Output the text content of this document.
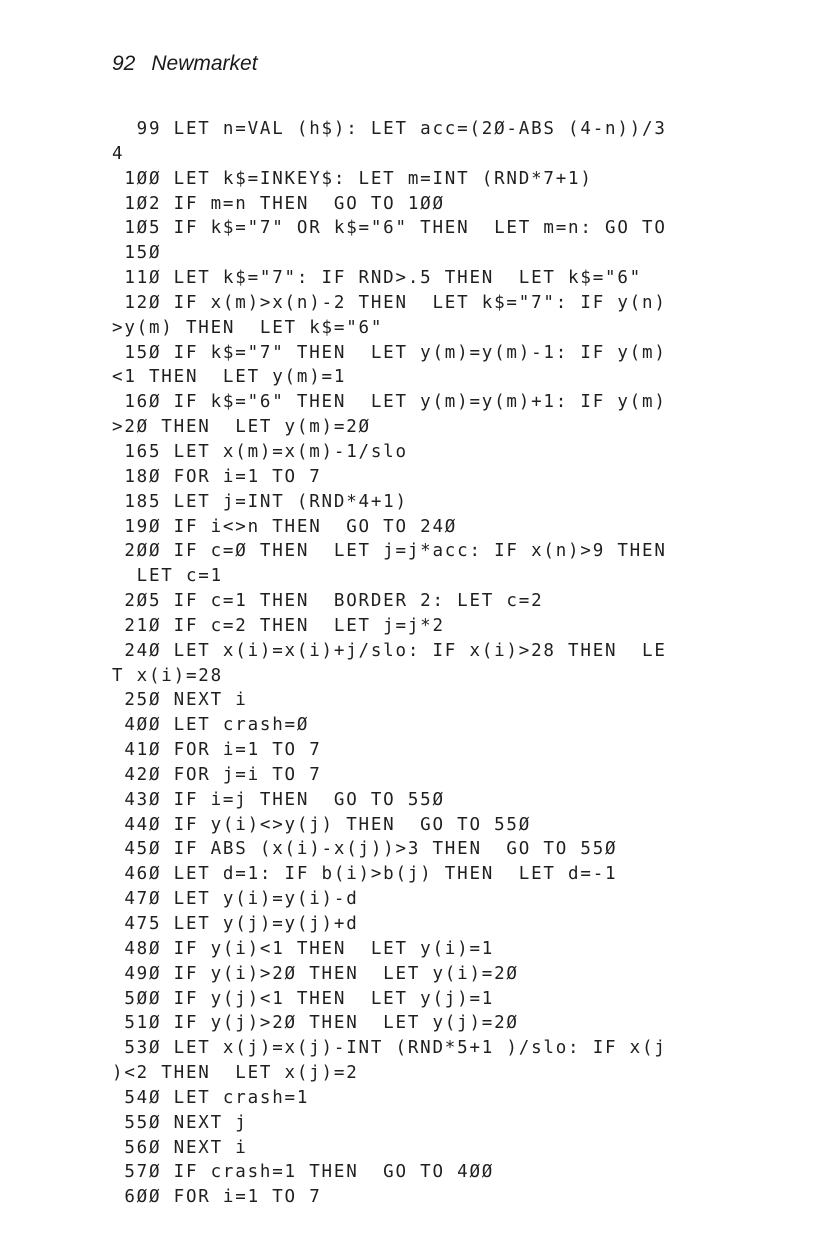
92 Newmarket
99 LET n=VAL (h$): LET acc=(2Ø-ABS (4-n))/3
4
1ØØ LET k$=INKEY$: LET m=INT (RND*7+1)
1Ø2 IF m=n THEN  GO TO 1ØØ
1Ø5 IF k$="7" OR k$="6" THEN  LET m=n: GO TO
15Ø
11Ø LET k$="7": IF RND>.5 THEN  LET k$="6"
12Ø IF x(m)>x(n)-2 THEN  LET k$="7": IF y(n)
>y(m) THEN  LET k$="6"
15Ø IF k$="7" THEN  LET y(m)=y(m)-1: IF y(m)
<1 THEN  LET y(m)=1
16Ø IF k$="6" THEN  LET y(m)=y(m)+1: IF y(m)
>2Ø THEN  LET y(m)=2Ø
165 LET x(m)=x(m)-1/slo
18Ø FOR i=1 TO 7
185 LET j=INT (RND*4+1)
19Ø IF i<>n THEN  GO TO 24Ø
2ØØ IF c=Ø THEN  LET j=j*acc: IF x(n)>9 THEN
LET c=1
2Ø5 IF c=1 THEN  BORDER 2: LET c=2
21Ø IF c=2 THEN  LET j=j*2
24Ø LET x(i)=x(i)+j/slo: IF x(i)>28 THEN  LE
T x(i)=28
25Ø NEXT i
4ØØ LET crash=Ø
41Ø FOR i=1 TO 7
42Ø FOR j=i TO 7
43Ø IF i=j THEN  GO TO 55Ø
44Ø IF y(i)<>y(j) THEN  GO TO 55Ø
45Ø IF ABS (x(i)-x(j))>3 THEN  GO TO 55Ø
46Ø LET d=1: IF b(i)>b(j) THEN  LET d=-1
47Ø LET y(i)=y(i)-d
475 LET y(j)=y(j)+d
48Ø IF y(i)<1 THEN  LET y(i)=1
49Ø IF y(i)>2Ø THEN  LET y(i)=2Ø
5ØØ IF y(j)<1 THEN  LET y(j)=1
51Ø IF y(j)>2Ø THEN  LET y(j)=2Ø
53Ø LET x(j)=x(j)-INT (RND*5+1 )/slo: IF x(j
)<2 THEN  LET x(j)=2
54Ø LET crash=1
55Ø NEXT j
56Ø NEXT i
57Ø IF crash=1 THEN  GO TO 4ØØ
6ØØ FOR i=1 TO 7
